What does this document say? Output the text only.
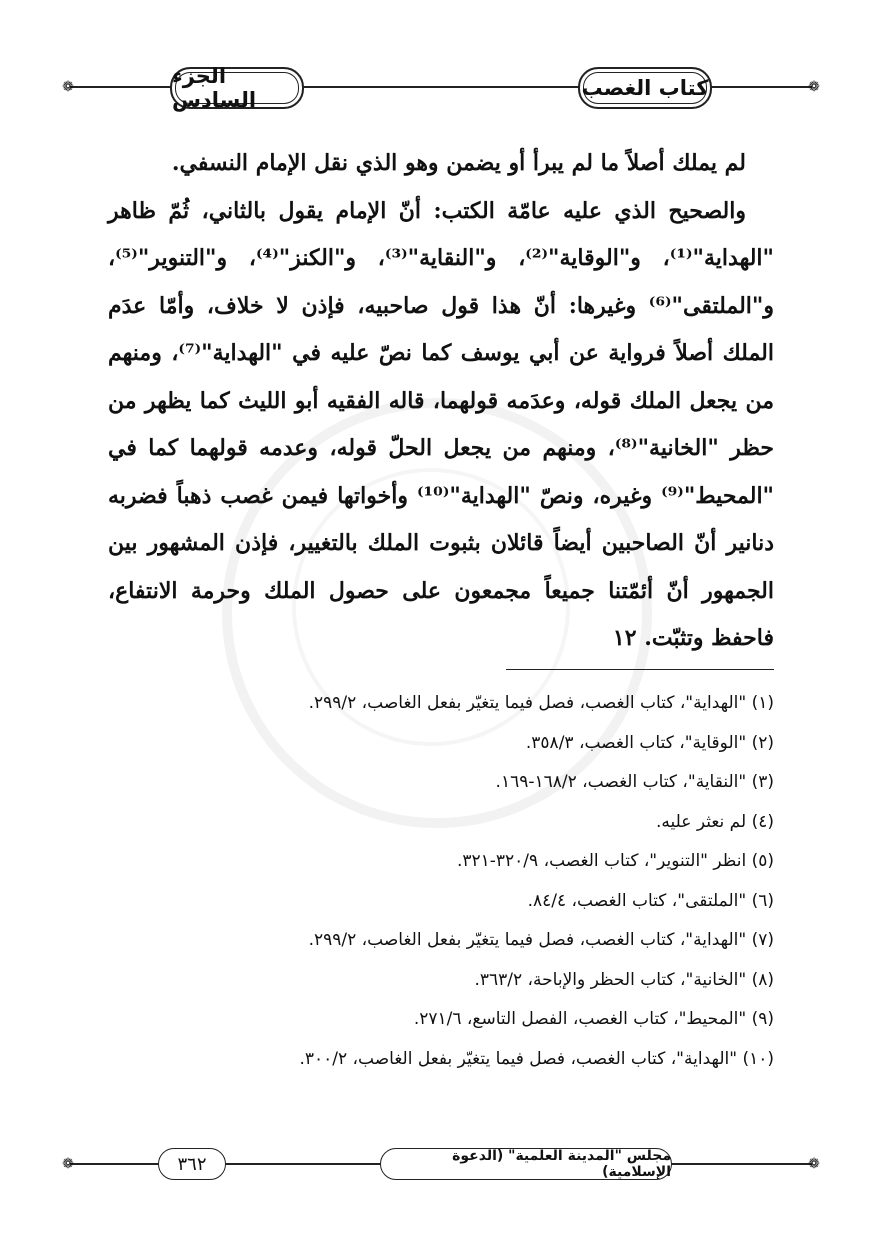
❁	❁
الجزء السادس	كتاب الغصب

لم يملك أصلاً ما لم يبرأ أو يضمن وهو الذي نقل الإمام النسفي.

والصحيح الذي عليه عامّة الكتب: أنّ الإمام يقول بالثاني، ثُمّ ظاهر "الهداية"⁽¹⁾، و"الوقاية"⁽²⁾، و"النقاية"⁽³⁾، و"الكنز"⁽⁴⁾، و"التنوير"⁽⁵⁾، و"الملتقى"⁽⁶⁾ وغيرها: أنّ هذا قول صاحبيه، فإذن لا خلاف، وأمّا عدَم الملك أصلاً فرواية عن أبي يوسف كما نصّ عليه في "الهداية"⁽⁷⁾، ومنهم من يجعل الملك قوله، وعدَمه قولهما، قاله الفقيه أبو الليث كما يظهر من حظر "الخانية"⁽⁸⁾، ومنهم من يجعل الحلّ قوله، وعدمه قولهما كما في "المحيط"⁽⁹⁾ وغيره، ونصّ "الهداية"⁽¹⁰⁾ وأخواتها فيمن غصب ذهباً فضربه دنانير أنّ الصاحبين أيضاً قائلان بثبوت الملك بالتغيير، فإذن المشهور بين الجمهور أنّ أئمّتنا جميعاً مجمعون على حصول الملك وحرمة الانتفاع، فاحفظ وتثبّت. ١٢

(١) "الهداية"، كتاب الغصب، فصل فيما يتغيّر بفعل الغاصب، ٢٩٩/٢.
(٢) "الوقاية"، كتاب الغصب، ٣٥٨/٣.
(٣) "النقاية"، كتاب الغصب، ١٦٨/٢-١٦٩.
(٤) لم نعثر عليه.
(٥) انظر "التنوير"، كتاب الغصب، ٣٢٠/٩-٣٢١.
(٦) "الملتقى"، كتاب الغصب، ٨٤/٤.
(٧) "الهداية"، كتاب الغصب، فصل فيما يتغيّر بفعل الغاصب، ٢٩٩/٢.
(٨) "الخانية"، كتاب الحظر والإباحة، ٣٦٣/٢.
(٩) "المحيط"، كتاب الغصب، الفصل التاسع، ٢٧١/٦.
(١٠) "الهداية"، كتاب الغصب، فصل فيما يتغيّر بفعل الغاصب، ٣٠٠/٢.
❁	❁
٣٦٢	مجلس "المدينة العلمية" (الدعوة الإسلامية)
